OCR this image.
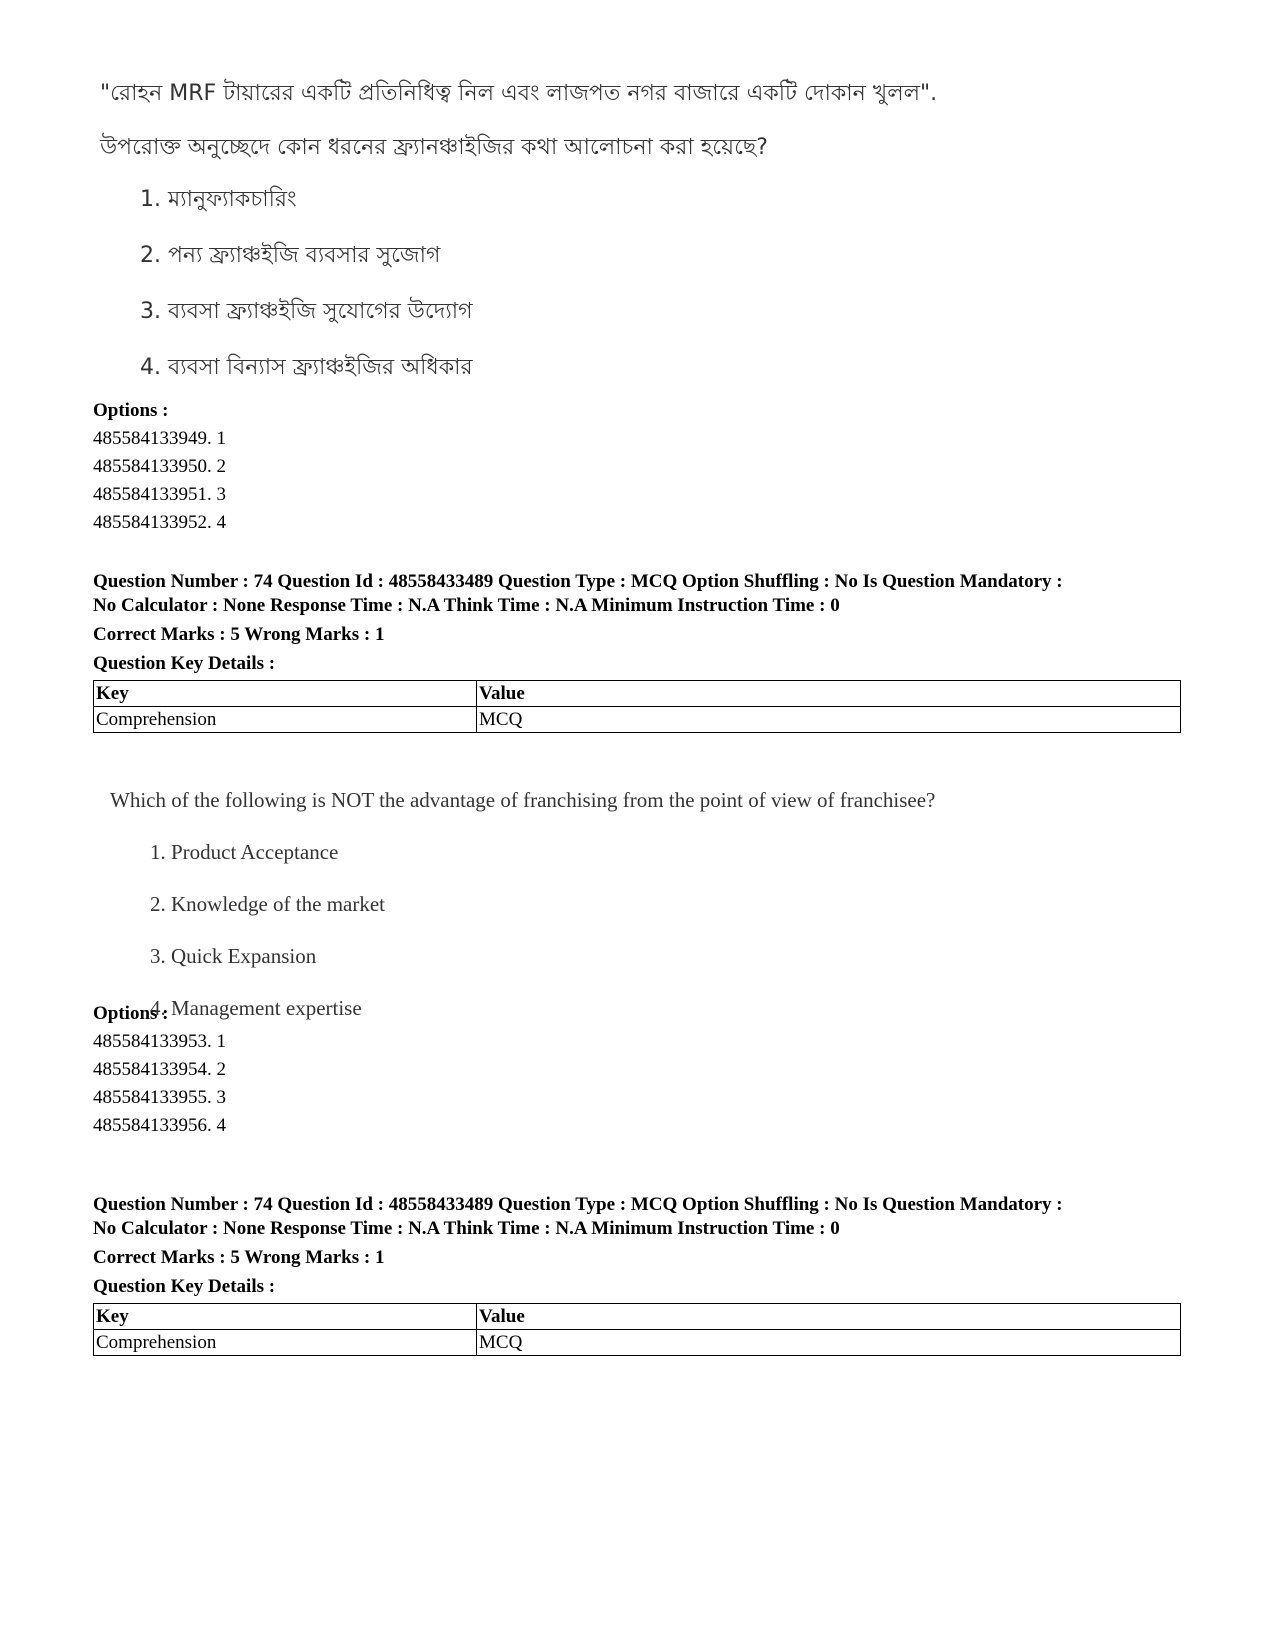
"রোহন MRF টায়ারের একটি প্রতিনিধিত্ব নিল এবং লাজপত নগর বাজারে একটি দোকান খুলল".

উপরোক্ত অনুচ্ছেদে কোন ধরনের ফ্র্যানঞ্চাইজির কথা আলোচনা করা হয়েছে?

1. ম্যানুফ্যাকচারিং
2. পন্য ফ্র্যাঞ্চইজি ব্যবসার সুজোগ
3. ব্যবসা ফ্র্যাঞ্চইজি সুযোগের উদ্যোগ
4. ব্যবসা বিন্যাস ফ্র্যাঞ্চইজির অধিকার

Options :

485584133949. 1

485584133950. 2

485584133951. 3

485584133952. 4

Question Number : 74 Question Id : 48558433489 Question Type : MCQ Option Shuffling : No Is Question Mandatory :

No Calculator : None Response Time : N.A Think Time : N.A Minimum Instruction Time : 0

Correct Marks : 5 Wrong Marks : 1

Question Key Details :

Key	Value
Comprehension	MCQ

Which of the following is NOT the advantage of franchising from the point of view of franchisee?

1. Product Acceptance
2. Knowledge of the market
3. Quick Expansion
4. Management expertise

Options :

485584133953. 1

485584133954. 2

485584133955. 3

485584133956. 4

Question Number : 74 Question Id : 48558433489 Question Type : MCQ Option Shuffling : No Is Question Mandatory :

No Calculator : None Response Time : N.A Think Time : N.A Minimum Instruction Time : 0

Correct Marks : 5 Wrong Marks : 1

Question Key Details :

Key	Value
Comprehension	MCQ
